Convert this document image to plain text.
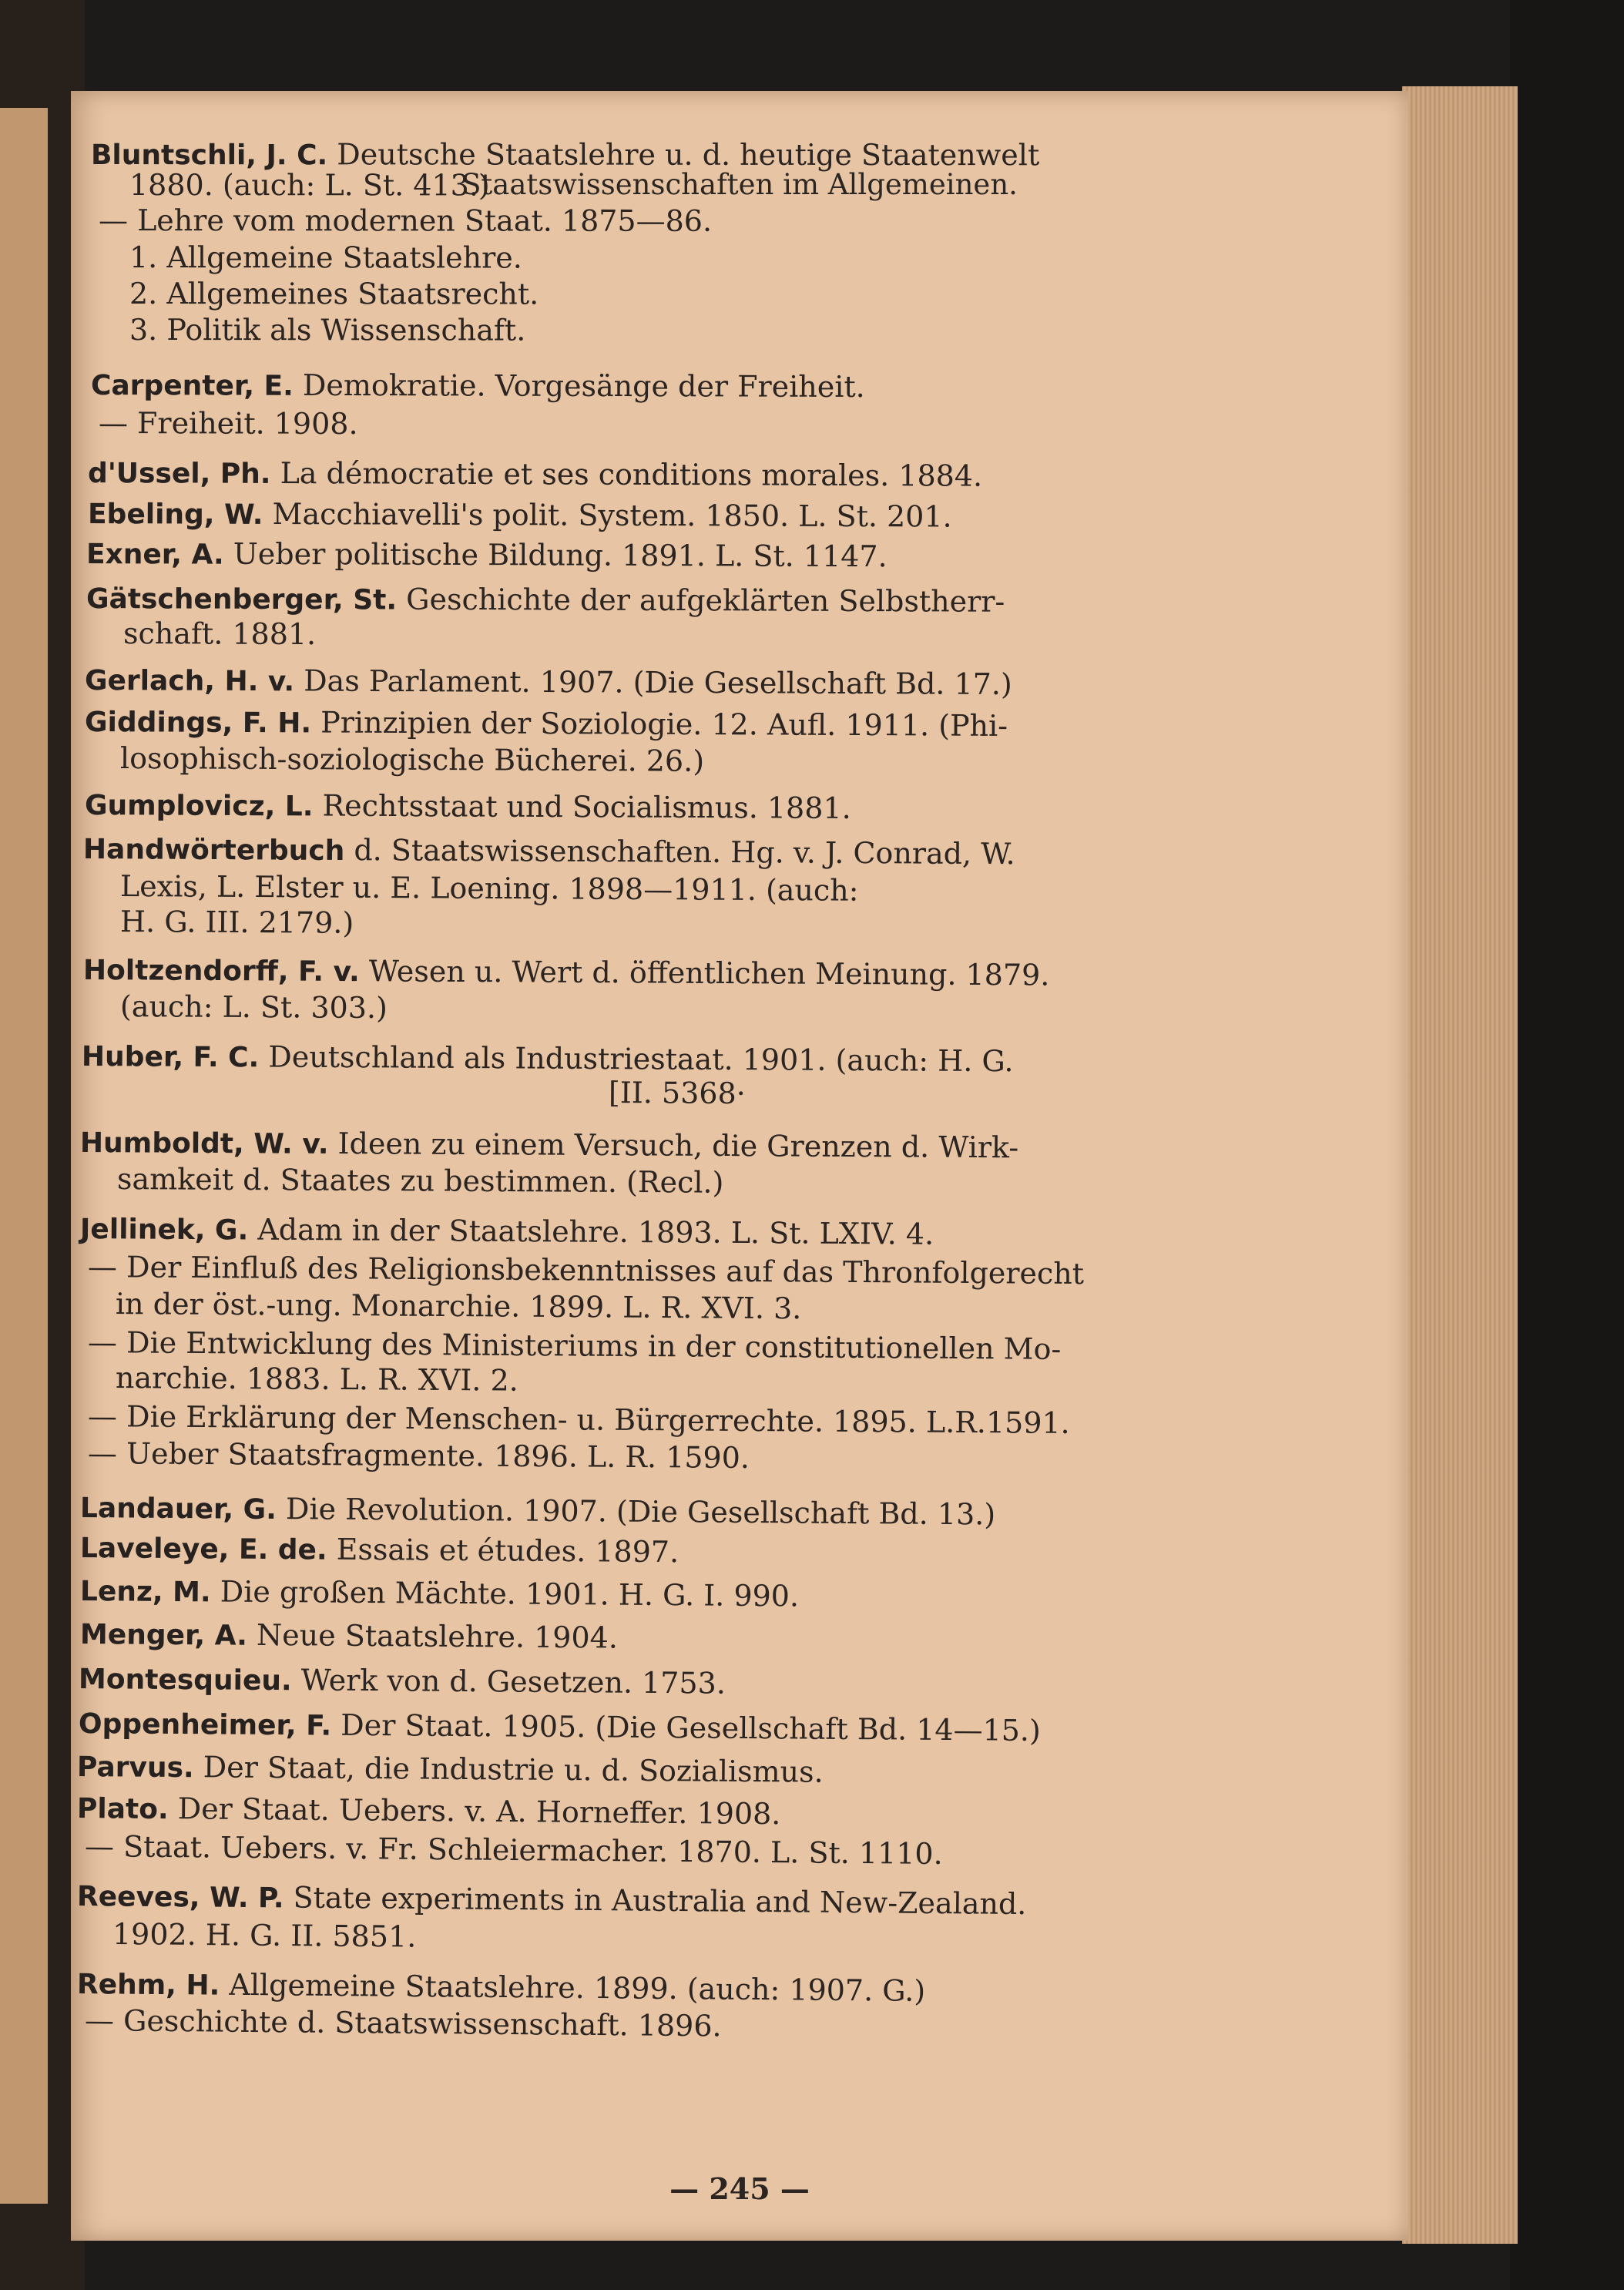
Staatswissenschaften im Allgemeinen.
Bluntschli, J. C. Deutsche Staatslehre u. d. heutige Staatenwelt
1880. (auch: L. St. 413.)
— Lehre vom modernen Staat. 1875—86.
1. Allgemeine Staatslehre.
2. Allgemeines Staatsrecht.
3. Politik als Wissenschaft.
Carpenter, E. Demokratie. Vorgesänge der Freiheit.
— Freiheit. 1908.
d'Ussel, Ph. La démocratie et ses conditions morales. 1884.
Ebeling, W. Macchiavelli's polit. System. 1850. L. St. 201.
Exner, A. Ueber politische Bildung. 1891. L. St. 1147.
Gätschenberger, St. Geschichte der aufgeklärten Selbstherr-
schaft. 1881.
Gerlach, H. v. Das Parlament. 1907. (Die Gesellschaft Bd. 17.)
Giddings, F. H. Prinzipien der Soziologie. 12. Aufl. 1911. (Phi-
losophisch-soziologische Bücherei. 26.)
Gumplovicz, L. Rechtsstaat und Socialismus. 1881.
Handwörterbuch d. Staatswissenschaften. Hg. v. J. Conrad, W.
Lexis, L. Elster u. E. Loening. 1898—1911. (auch:
H. G. III. 2179.)
Holtzendorff, F. v. Wesen u. Wert d. öffentlichen Meinung. 1879.
(auch: L. St. 303.)
Huber, F. C. Deutschland als Industriestaat. 1901. (auch: H. G.
[II. 5368·
Humboldt, W. v. Ideen zu einem Versuch, die Grenzen d. Wirk-
samkeit d. Staates zu bestimmen. (Recl.)
Jellinek, G. Adam in der Staatslehre. 1893. L. St. LXIV. 4.
— Der Einfluß des Religionsbekenntnisses auf das Thronfolgerecht
in der öst.-ung. Monarchie. 1899. L. R. XVI. 3.
— Die Entwicklung des Ministeriums in der constitutionellen Mo-
narchie. 1883. L. R. XVI. 2.
— Die Erklärung der Menschen- u. Bürgerrechte. 1895. L.R.1591.
— Ueber Staatsfragmente. 1896. L. R. 1590.
Landauer, G. Die Revolution. 1907. (Die Gesellschaft Bd. 13.)
Laveleye, E. de. Essais et études. 1897.
Lenz, M. Die großen Mächte. 1901. H. G. I. 990.
Menger, A. Neue Staatslehre. 1904.
Montesquieu. Werk von d. Gesetzen. 1753.
Oppenheimer, F. Der Staat. 1905. (Die Gesellschaft Bd. 14—15.)
Parvus. Der Staat, die Industrie u. d. Sozialismus.
Plato. Der Staat. Uebers. v. A. Horneffer. 1908.
— Staat. Uebers. v. Fr. Schleiermacher. 1870. L. St. 1110.
Reeves, W. P. State experiments in Australia and New-Zealand.
1902. H. G. II. 5851.
Rehm, H. Allgemeine Staatslehre. 1899. (auch: 1907. G.)
— Geschichte d. Staatswissenschaft. 1896.
— 245 —
